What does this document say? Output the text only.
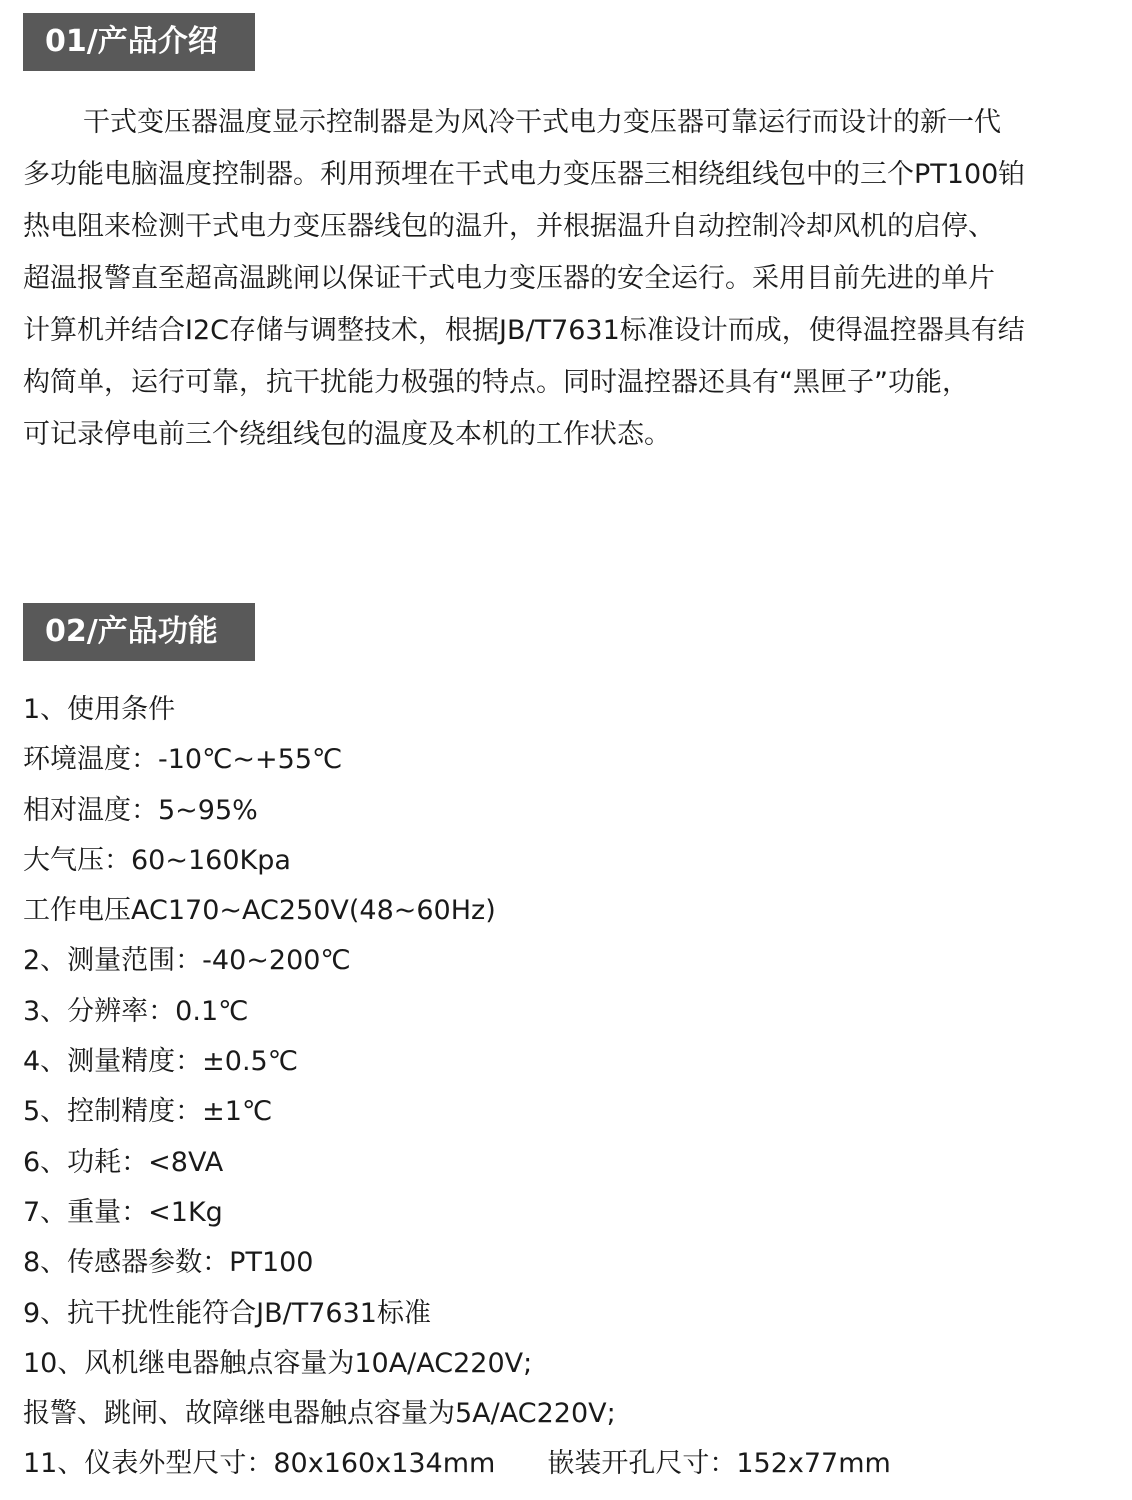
01/产品介绍
干式变压器温度显示控制器是为风冷干式电力变压器可靠运行而设计的新一代
多功能电脑温度控制器。利用预埋在干式电力变压器三相绕组线包中的三个PT100铂
热电阻来检测干式电力变压器线包的温升，并根据温升自动控制冷却风机的启停、
超温报警直至超高温跳闸以保证干式电力变压器的安全运行。采用目前先进的单片
计算机并结合I2C存储与调整技术，根据JB/T7631标准设计而成，使得温控器具有结
构简单，运行可靠，抗干扰能力极强的特点。同时温控器还具有“黑匣子”功能，
可记录停电前三个绕组线包的温度及本机的工作状态。
02/产品功能
1、使用条件
环境温度：-10℃~+55℃
相对温度：5~95%
大气压：60~160Kpa
工作电压AC170~AC250V(48~60Hz)
2、测量范围：-40~200℃
3、分辨率：0.1℃
4、测量精度：±0.5℃
5、控制精度：±1℃
6、功耗：<8VA
7、重量：<1Kg
8、传感器参数：PT100
9、抗干扰性能符合JB/T7631标准
10、风机继电器触点容量为10A/AC220V;
报警、跳闸、故障继电器触点容量为5A/AC220V;
11、仪表外型尺寸：80x160x134mm 嵌装开孔尺寸：152x77mm
